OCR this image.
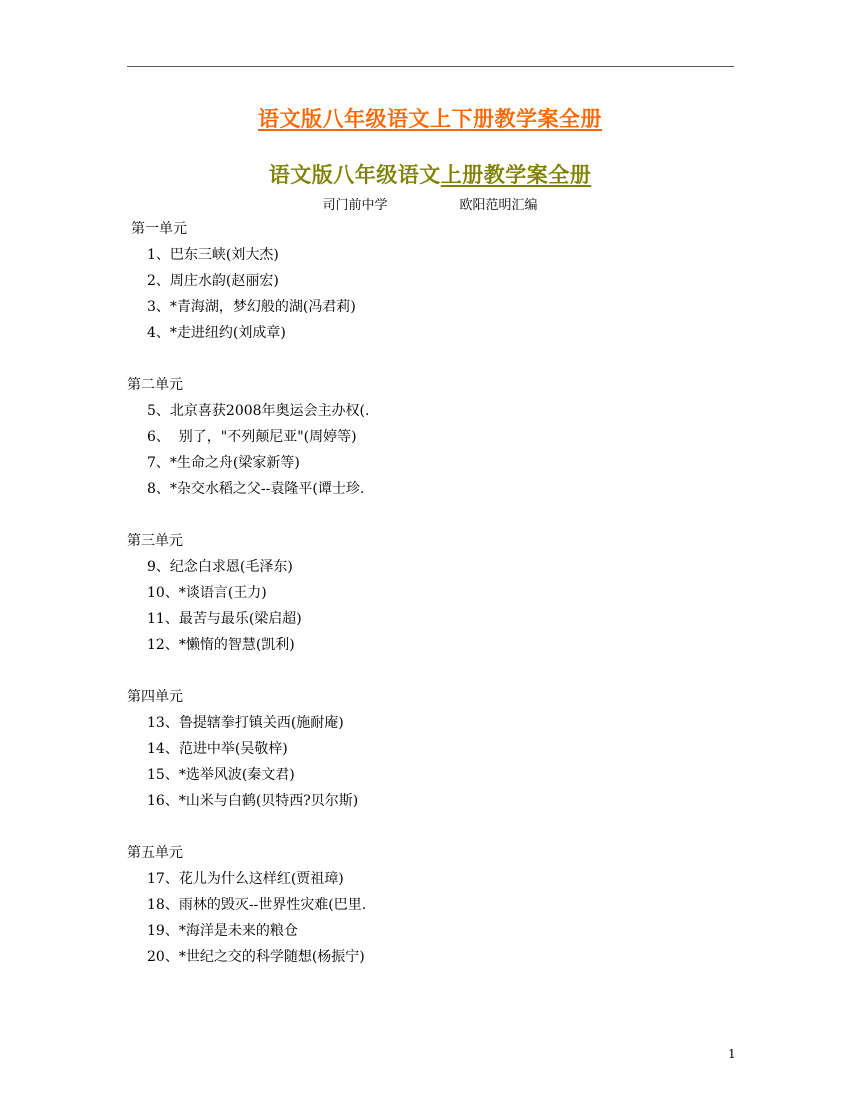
语文版八年级语文上下册教学案全册
语文版八年级语文上册教学案全册
司门前中学	欧阳范明汇编
第一单元
1、巴东三峡(刘大杰)
2、周庄水韵(赵丽宏)
3、*青海湖，梦幻般的湖(冯君莉)
4、*走进纽约(刘成章)
第二单元
5、北京喜获2008年奥运会主办权(.
6、  别了，"不列颠尼亚"(周婷等)
7、*生命之舟(梁家新等)
8、*杂交水稻之父--袁隆平(谭士珍.
第三单元
9、纪念白求恩(毛泽东)
10、*谈语言(王力)
11、最苦与最乐(梁启超)
12、*懒惰的智慧(凯利)
第四单元
13、鲁提辖拳打镇关西(施耐庵)
14、范进中举(吴敬梓)
15、*选举风波(秦文君)
16、*山米与白鹤(贝特西?贝尔斯)
第五单元
17、花儿为什么这样红(贾祖璋)
18、雨林的毁灭--世界性灾难(巴里.
19、*海洋是未来的粮仓
20、*世纪之交的科学随想(杨振宁)
1
